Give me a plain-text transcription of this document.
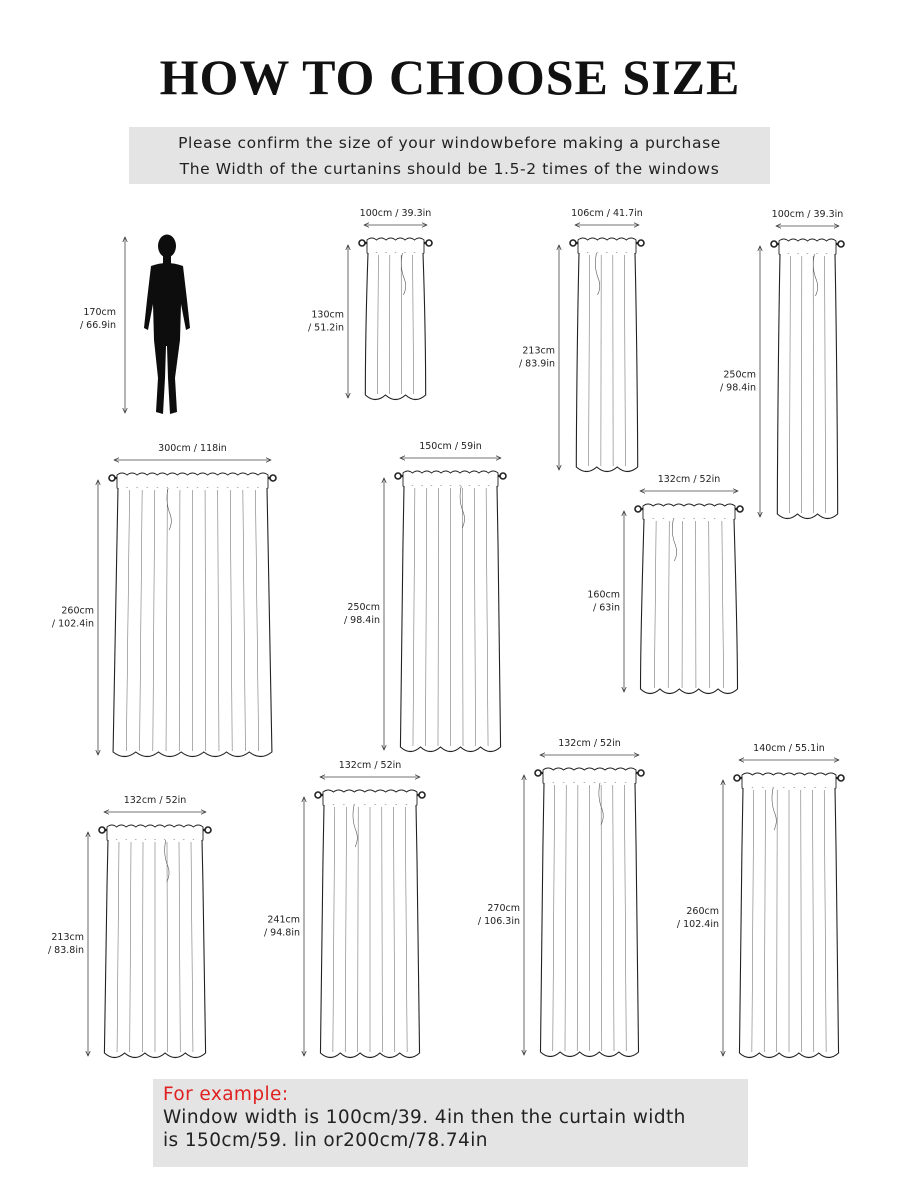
HOW TO CHOOSE SIZE
Please confirm the size of your windowbefore making a purchase
The Width of the curtanins should be 1.5-2 times of the windows
170cm
/ 66.9in
100cm / 39.3in
130cm
/ 51.2in
106cm / 41.7in
213cm
/ 83.9in
100cm / 39.3in
250cm
/ 98.4in
300cm / 118in
260cm
/ 102.4in
150cm / 59in
250cm
/ 98.4in
132cm / 52in
160cm
/ 63in
132cm / 52in
213cm
/ 83.8in
132cm / 52in
241cm
/ 94.8in
132cm / 52in
270cm
/ 106.3in
140cm / 55.1in
260cm
/ 102.4in
For example:
Window width is 100cm/39. 4in then the curtain width
is 150cm/59. lin or200cm/78.74in
